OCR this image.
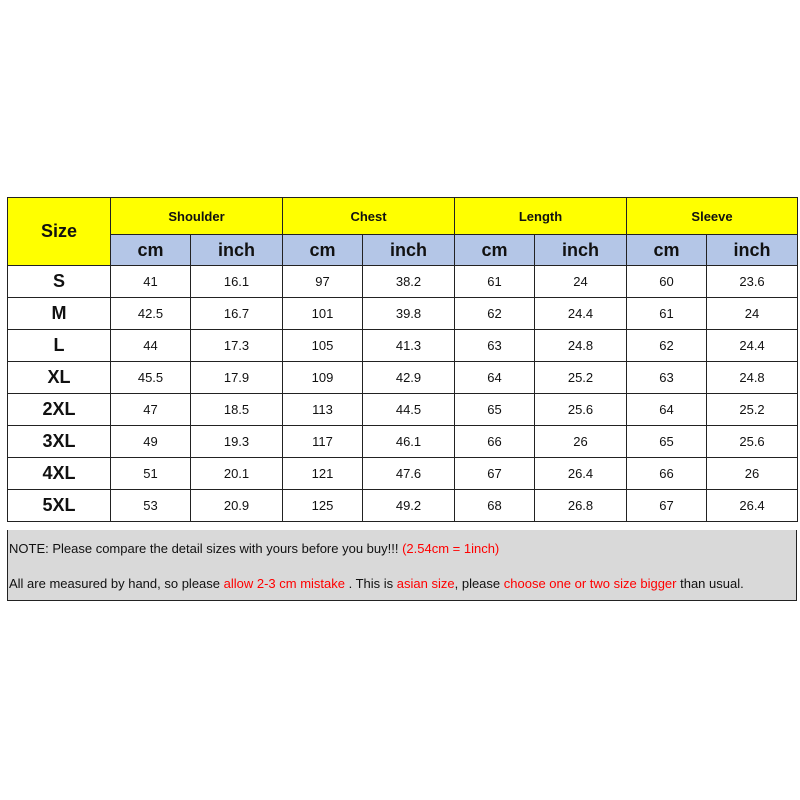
Size	Shoulder		Chest		Length		Sleeve	
	cm	inch	cm	inch	cm	inch	cm	inch
S	41	16.1	97	38.2	61	24	60	23.6
M	42.5	16.7	101	39.8	62	24.4	61	24
L	44	17.3	105	41.3	63	24.8	62	24.4
XL	45.5	17.9	109	42.9	64	25.2	63	24.8
2XL	47	18.5	113	44.5	65	25.6	64	25.2
3XL	49	19.3	117	46.1	66	26	65	25.6
4XL	51	20.1	121	47.6	67	26.4	66	26
5XL	53	20.9	125	49.2	68	26.8	67	26.4
NOTE: Please compare the detail sizes with yours before you buy!!! (2.54cm = 1inch)
All are measured by hand, so please allow 2-3 cm mistake . This is asian size, please choose one or two size bigger than usual.
